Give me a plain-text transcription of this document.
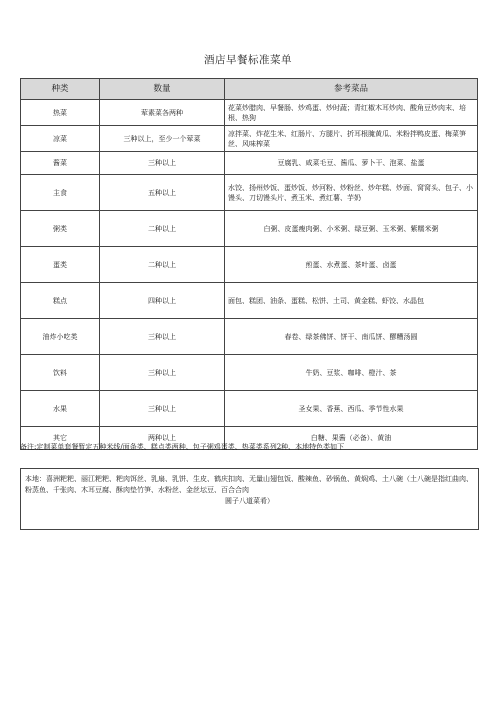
酒店早餐标准菜单
种类	数量	参考菜品
热菜	荤素菜各两种	花菜炒腊肉、早餐肠、炒鸡蛋、炒时蔬；青红椒木耳炒肉、酸角豆炒肉末、培根、热狗
凉菜	三种以上，至少一个荤菜	凉拌菜、炸花生米、红肠片、方腿片、折耳根腌黄瓜、米粉拌鸭皮蛋、梅菜笋丝、风味榨菜
酱菜	三种以上	豆腐乳、咸菜毛豆、酱瓜、萝卜干、泡菜、盐蛋
主食	五种以上	水饺、扬州炒饭、蛋炒饭、炒河粉、炒粉丝、炒年糕、炒面、窝窝头、包子、小馒头、刀切馒头片、煮玉米、煮红薯、芋奶
粥类	二种以上	白粥、皮蛋瘦肉粥、小米粥、绿豆粥、玉米粥、紫糯米粥
蛋类	二种以上	煎蛋、水煮蛋、茶叶蛋、卤蛋
糕点	四种以上	面包、糕团、油条、蛋糕、松饼、土司、黄金糕、虾饺、水晶包
油炸小吃类	三种以上	春卷、绿茶佛饼、饼干、南瓜饼、醪糟汤圆
饮料	三种以上	牛奶、豆浆、咖啡、橙汁、茶
水果	三种以上	圣女果、香蕉、西瓜、季节性水果
其它	两种以上	白糖、果酱（必备）、黄油
备注:定制菜单套餐暂定五种米线/面条类、糕点类两种、包子粥鸡蛋类、热菜类系列2种、本地特色类如下
本地：喜洲粑粑、丽江粑粑、粑肉饵丝、乳扇、乳饼、生皮、鹤庆扣肉、无量山翅包饭、酸辣鱼、砂锅鱼、黄焖鸡、土八碗（土八碗是指红曲肉、粉蒸鱼、千张肉、木耳豆腐、酥肉垫竹笋、水粉丝、金丝坛豆、百合合肉
圆子八道菜肴）
